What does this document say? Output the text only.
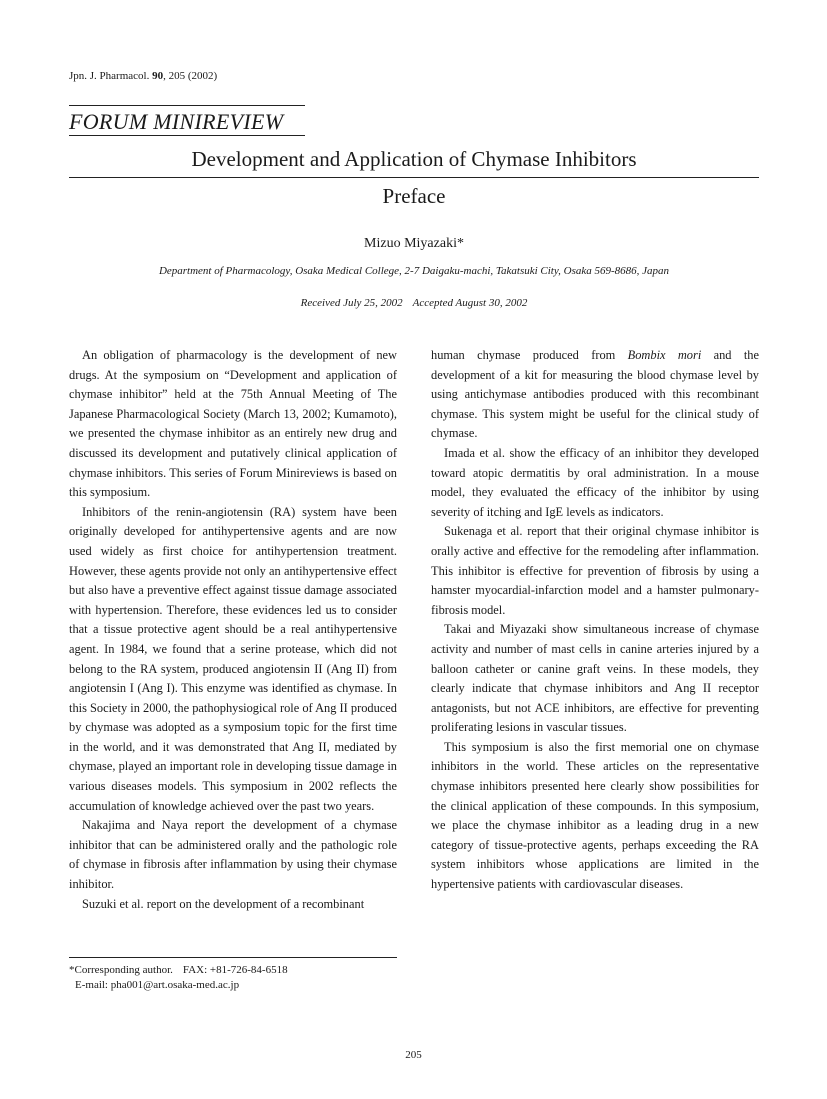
Jpn. J. Pharmacol. 90, 205 (2002)
FORUM MINIREVIEW
Development and Application of Chymase Inhibitors
Preface
Mizuo Miyazaki*
Department of Pharmacology, Osaka Medical College, 2-7 Daigaku-machi, Takatsuki City, Osaka 569-8686, Japan
Received July 25, 2002 Accepted August 30, 2002

An obligation of pharmacology is the development of new drugs. At the symposium on “Development and application of chymase inhibitor” held at the 75th Annual Meeting of The Japanese Pharmacological Society (March 13, 2002; Kumamoto), we presented the chymase inhibitor as an entirely new drug and discussed its development and putatively clinical application of chymase inhibitors. This series of Forum Minireviews is based on this symposium.

Inhibitors of the renin-angiotensin (RA) system have been originally developed for antihypertensive agents and are now used widely as first choice for antihypertension treatment. However, these agents provide not only an antihypertensive effect but also have a preventive effect against tissue damage associated with hypertension. Therefore, these evidences led us to consider that a tissue protective agent should be a real antihypertensive agent. In 1984, we found that a serine protease, which did not belong to the RA system, produced angiotensin II (Ang II) from angiotensin I (Ang I). This enzyme was identified as chymase. In this Society in 2000, the pathophysiogical role of Ang II produced by chymase was adopted as a symposium topic for the first time in the world, and it was demonstrated that Ang II, mediated by chymase, played an important role in developing tissue damage in various diseases models. This symposium in 2002 reflects the accumulation of knowledge achieved over the past two years.

Nakajima and Naya report the development of a chymase inhibitor that can be administered orally and the pathologic role of chymase in fibrosis after inflammation by using their chymase inhibitor.

Suzuki et al. report on the development of a recombinant

human chymase produced from Bombix mori and the development of a kit for measuring the blood chymase level by using antichymase antibodies produced with this recombinant chymase. This system might be useful for the clinical study of chymase.

Imada et al. show the efficacy of an inhibitor they developed toward atopic dermatitis by oral administration. In a mouse model, they evaluated the efficacy of the inhibitor by using severity of itching and IgE levels as indicators.

Sukenaga et al. report that their original chymase inhibitor is orally active and effective for the remodeling after inflammation. This inhibitor is effective for prevention of fibrosis by using a hamster myocardial-infarction model and a hamster pulmonary-fibrosis model.

Takai and Miyazaki show simultaneous increase of chymase activity and number of mast cells in canine arteries injured by a balloon catheter or canine graft veins. In these models, they clearly indicate that chymase inhibitors and Ang II receptor antagonists, but not ACE inhibitors, are effective for preventing proliferating lesions in vascular tissues.

This symposium is also the first memorial one on chymase inhibitors in the world. These articles on the representative chymase inhibitors presented here clearly show possibilities for the clinical application of these compounds. In this symposium, we place the chymase inhibitor as a leading drug in a new category of tissue-protective agents, perhaps exceeding the RA system inhibitors whose applications are limited in the hypertensive patients with cardiovascular diseases.

*Corresponding author. FAX: +81-726-84-6518
E-mail: pha001@art.osaka-med.ac.jp
205
